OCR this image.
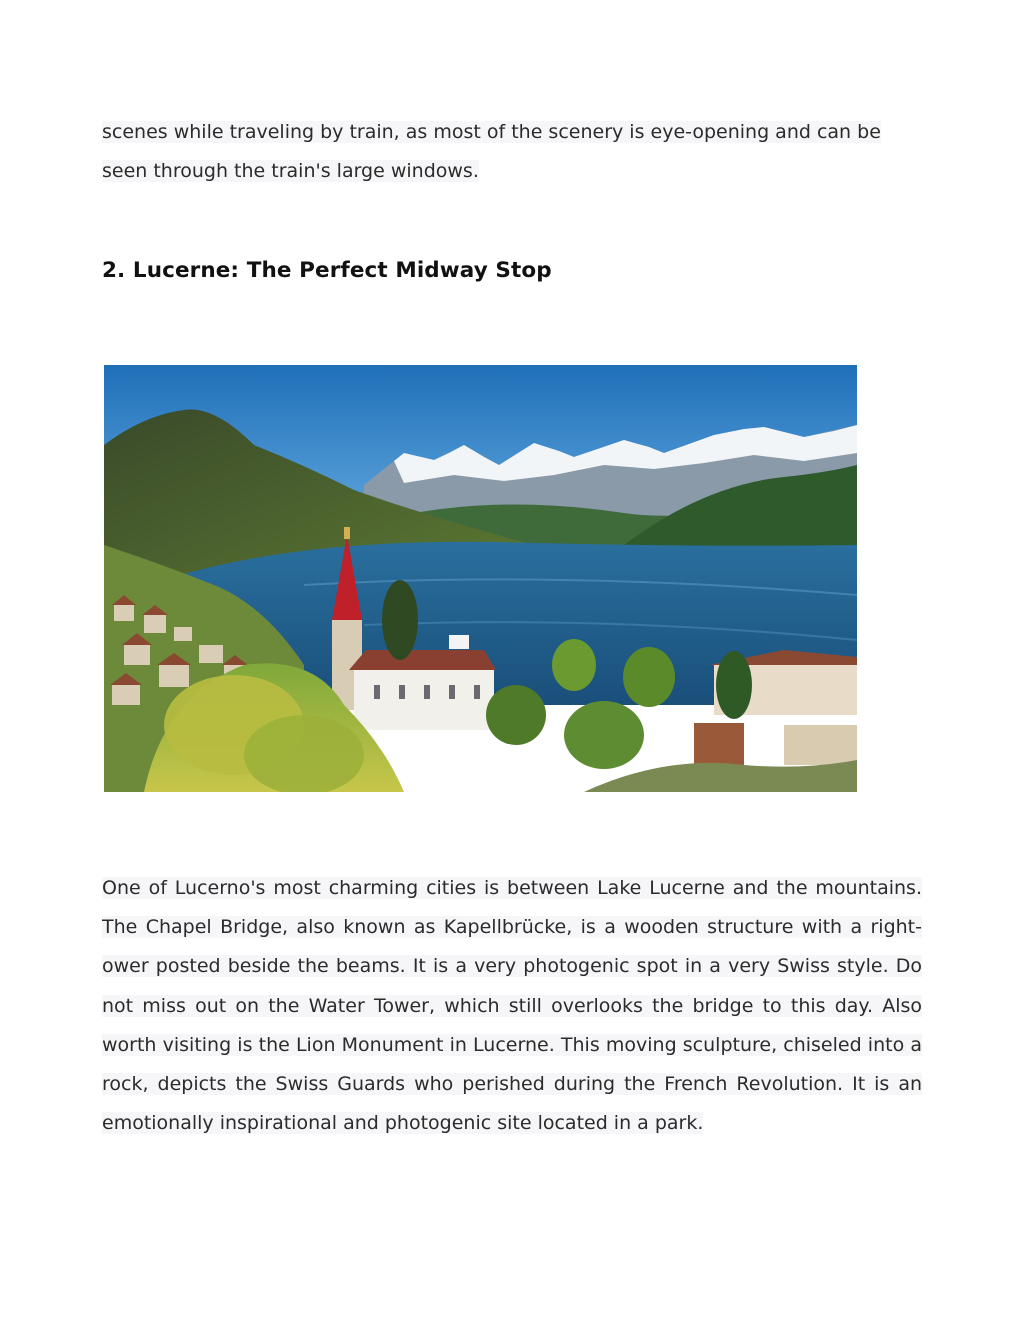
scenes while traveling by train, as most of the scenery is eye-opening and can be seen through the train's large windows.

2. Lucerne: The Perfect Midway Stop

One of Lucerno's most charming cities is between Lake Lucerne and the mountains. The Chapel Bridge, also known as Kapellbrücke, is a wooden structure with a right-ower posted beside the beams. It is a very photogenic spot in a very Swiss style. Do not miss out on the Water Tower, which still overlooks the bridge to this day. Also worth visiting is the Lion Monument in Lucerne. This moving sculpture, chiseled into a rock, depicts the Swiss Guards who perished during the French Revolution. It is an emotionally inspirational and photogenic site located in a park.
